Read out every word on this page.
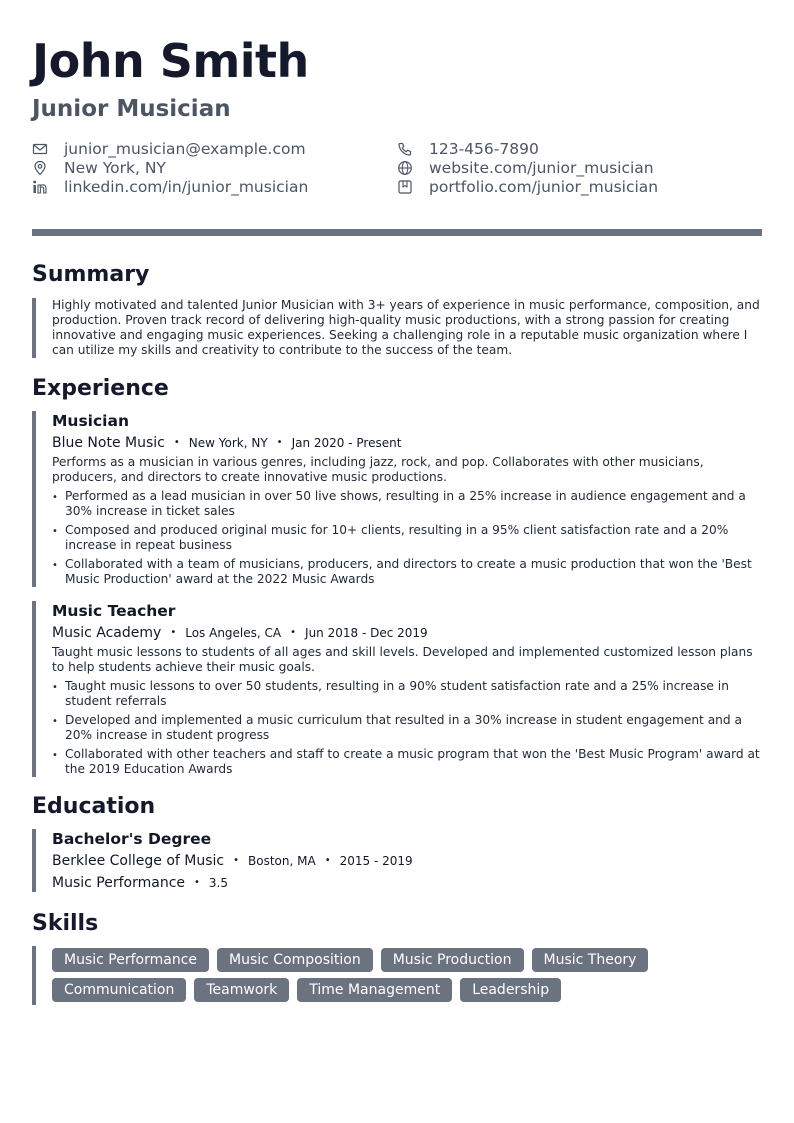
John Smith
Junior Musician
junior_musician@example.com	123-456-7890
New York, NY	website.com/junior_musician
linkedin.com/in/junior_musician	portfolio.com/junior_musician
Summary

Highly motivated and talented Junior Musician with 3+ years of experience in music performance, composition, and production. Proven track record of delivering high-quality music productions, with a strong passion for creating innovative and engaging music experiences. Seeking a challenging role in a reputable music organization where I can utilize my skills and creativity to contribute to the success of the team.

Experience
Musician
Blue Note Music • New York, NY • Jan 2020 - Present

Performs as a musician in various genres, including jazz, rock, and pop. Collaborates with other musicians, producers, and directors to create innovative music productions.

• Performed as a lead musician in over 50 live shows, resulting in a 25% increase in audience engagement and a 30% increase in ticket sales
• Composed and produced original music for 10+ clients, resulting in a 95% client satisfaction rate and a 20% increase in repeat business
• Collaborated with a team of musicians, producers, and directors to create a music production that won the 'Best Music Production' award at the 2022 Music Awards
Music Teacher
Music Academy • Los Angeles, CA • Jun 2018 - Dec 2019

Taught music lessons to students of all ages and skill levels. Developed and implemented customized lesson plans to help students achieve their music goals.

• Taught music lessons to over 50 students, resulting in a 90% student satisfaction rate and a 25% increase in student referrals
• Developed and implemented a music curriculum that resulted in a 30% increase in student engagement and a 20% increase in student progress
• Collaborated with other teachers and staff to create a music program that won the 'Best Music Program' award at the 2019 Education Awards
Education
Bachelor's Degree
Berklee College of Music • Boston, MA • 2015 - 2019
Music Performance • 3.5
Skills
Music Performance	Music Composition	Music Production	Music Theory
Communication	Teamwork	Time Management	Leadership
